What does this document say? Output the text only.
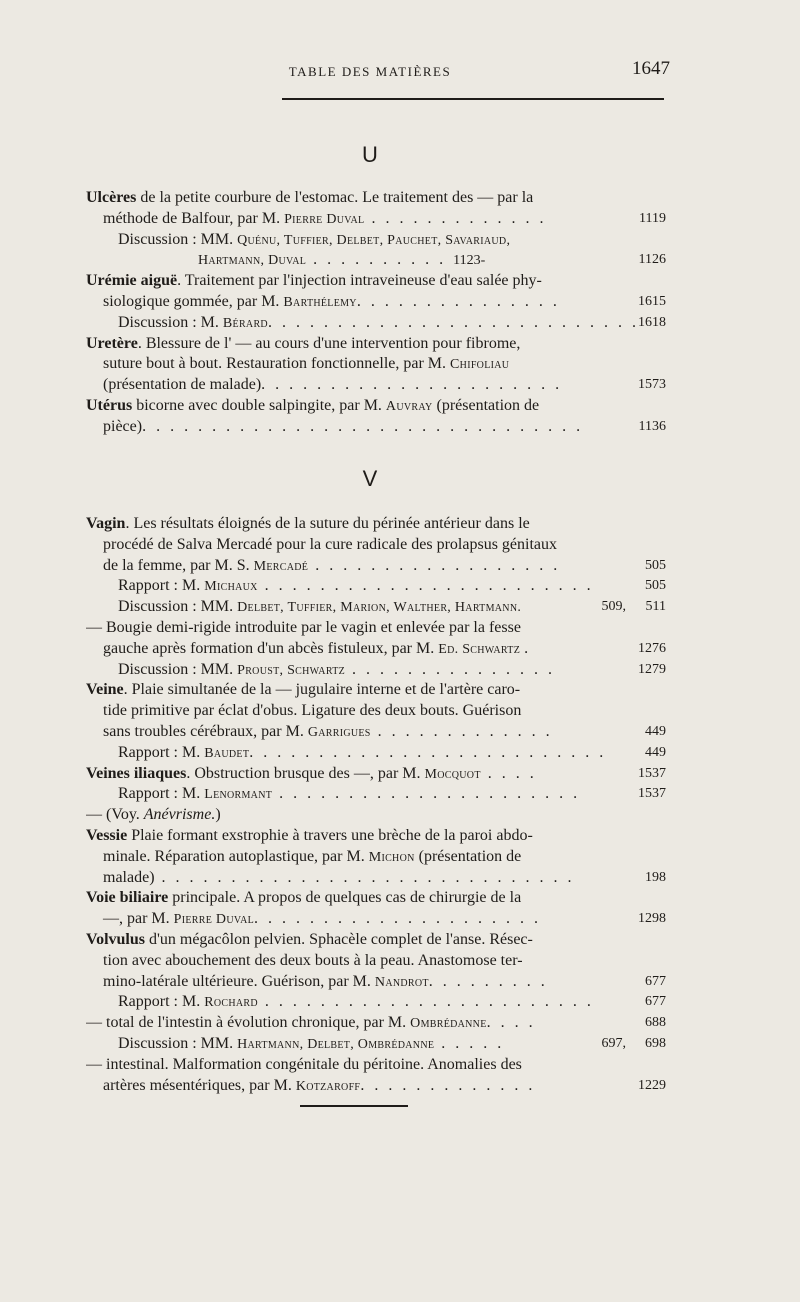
TABLE DES MATIÈRES	1647
U
Ulcères de la petite courbure de l'estomac. Le traitement des — par la
méthode de Balfour, par M. Pierre Duval . . . . . . . . . . . . .	1119
Discussion : MM. Quénu, Tuffier, Delbet, Pauchet, Savariaud,
Hartmann, Duval . . . . . . . . . . 1123-	1126
Urémie aiguë. Traitement par l'injection intraveineuse d'eau salée phy-
siologique gommée, par M. Barthélemy. . . . . . . . . . . . . . .	1615
Discussion : M. Bérard. . . . . . . . . . . . . . . . . . . . . . . . . . . 1618
Uretère. Blessure de l' — au cours d'une intervention pour fibrome,
suture bout à bout. Restauration fonctionnelle, par M. Chifoliau
(présentation de malade). . . . . . . . . . . . . . . . . . . . . .	1573
Utérus bicorne avec double salpingite, par M. Auvray (présentation de
pièce). . . . . . . . . . . . . . . . . . . . . . . . . . . . . . . .	1136
V
Vagin. Les résultats éloignés de la suture du périnée antérieur dans le
procédé de Salva Mercadé pour la cure radicale des prolapsus génitaux
de la femme, par M. S. Mercadé . . . . . . . . . . . . . . . . . .	505
Rapport : M. Michaux . . . . . . . . . . . . . . . . . . . . . . . .	505
Discussion : MM. Delbet, Tuffier, Marion, Walther, Hartmann.	509, 511
— Bougie demi-rigide introduite par le vagin et enlevée par la fesse
gauche après formation d'un abcès fistuleux, par M. Ed. Schwartz .	1276
Discussion : MM. Proust, Schwartz . . . . . . . . . . . . . . .	1279
Veine. Plaie simultanée de la — jugulaire interne et de l'artère caro-
tide primitive par éclat d'obus. Ligature des deux bouts. Guérison
sans troubles cérébraux, par M. Garrigues . . . . . . . . . . . . .	449
Rapport : M. Baudet. . . . . . . . . . . . . . . . . . . . . . . . . .	449
Veines iliaques. Obstruction brusque des —, par M. Mocquot . . . .	1537
Rapport : M. Lenormant . . . . . . . . . . . . . . . . . . . . . .	1537
— (Voy. Anévrisme.)
Vessie Plaie formant exstrophie à travers une brèche de la paroi abdo-
minale. Réparation autoplastique, par M. Michon (présentation de
malade) . . . . . . . . . . . . . . . . . . . . . . . . . . . . . .	198
Voie biliaire principale. A propos de quelques cas de chirurgie de la
—, par M. Pierre Duval. . . . . . . . . . . . . . . . . . . . .	1298
Volvulus d'un mégacôlon pelvien. Sphacèle complet de l'anse. Résec-
tion avec abouchement des deux bouts à la peau. Anastomose ter-
mino-latérale ultérieure. Guérison, par M. Nandrot. . . . . . . . .	677
Rapport : M. Rochard . . . . . . . . . . . . . . . . . . . . . . . .	677
— total de l'intestin à évolution chronique, par M. Ombrédanne. . . .	688
Discussion : MM. Hartmann, Delbet, Ombrédanne . . . . .	697, 698
— intestinal. Malformation congénitale du péritoine. Anomalies des
artères mésentériques, par M. Kotzaroff. . . . . . . . . . . . .	1229
